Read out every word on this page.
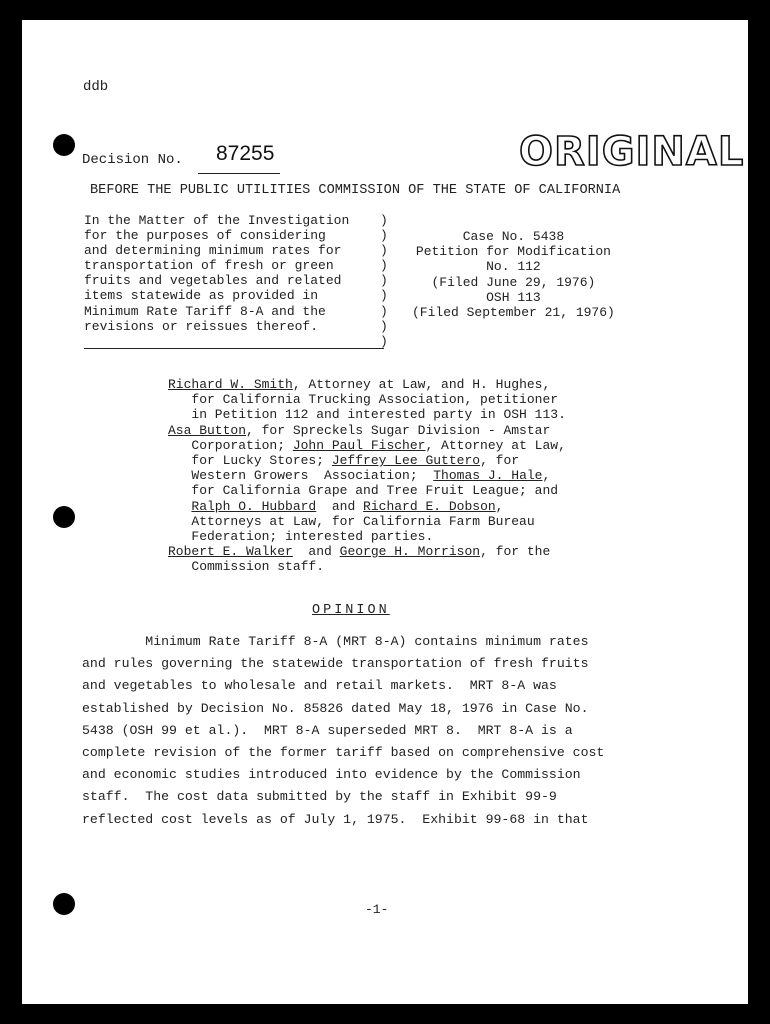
ddb
Decision No. 87255	ORIGINAL
BEFORE THE PUBLIC UTILITIES COMMISSION OF THE STATE OF CALIFORNIA
In the Matter of the Investigation
for the purposes of considering
and determining minimum rates for
transportation of fresh or green
fruits and vegetables and related
items statewide as provided in
Minimum Rate Tariff 8-A and the
revisions or reissues thereof.
)
)
)
)
)
)
)
)
)
Case No. 5438
Petition for Modification
No. 112
(Filed June 29, 1976)
OSH 113
(Filed September 21, 1976)
Richard W. Smith, Attorney at Law, and H. Hughes,
for California Trucking Association, petitioner
in Petition 112 and interested party in OSH 113.
Asa Button, for Spreckels Sugar Division - Amstar
Corporation; John Paul Fischer, Attorney at Law,
for Lucky Stores; Jeffrey Lee Guttero, for
Western Growers  Association;  Thomas J. Hale,
for California Grape and Tree Fruit League; and
Ralph O. Hubbard  and Richard E. Dobson,
Attorneys at Law, for California Farm Bureau
Federation; interested parties.
Robert E. Walker  and George H. Morrison, for the
Commission staff.
OPINION
Minimum Rate Tariff 8-A (MRT 8-A) contains minimum rates
and rules governing the statewide transportation of fresh fruits
and vegetables to wholesale and retail markets.  MRT 8-A was
established by Decision No. 85826 dated May 18, 1976 in Case No.
5438 (OSH 99 et al.).  MRT 8-A superseded MRT 8.  MRT 8-A is a
complete revision of the former tariff based on comprehensive cost
and economic studies introduced into evidence by the Commission
staff.  The cost data submitted by the staff in Exhibit 99-9
reflected cost levels as of July 1, 1975.  Exhibit 99-68 in that
-1-
